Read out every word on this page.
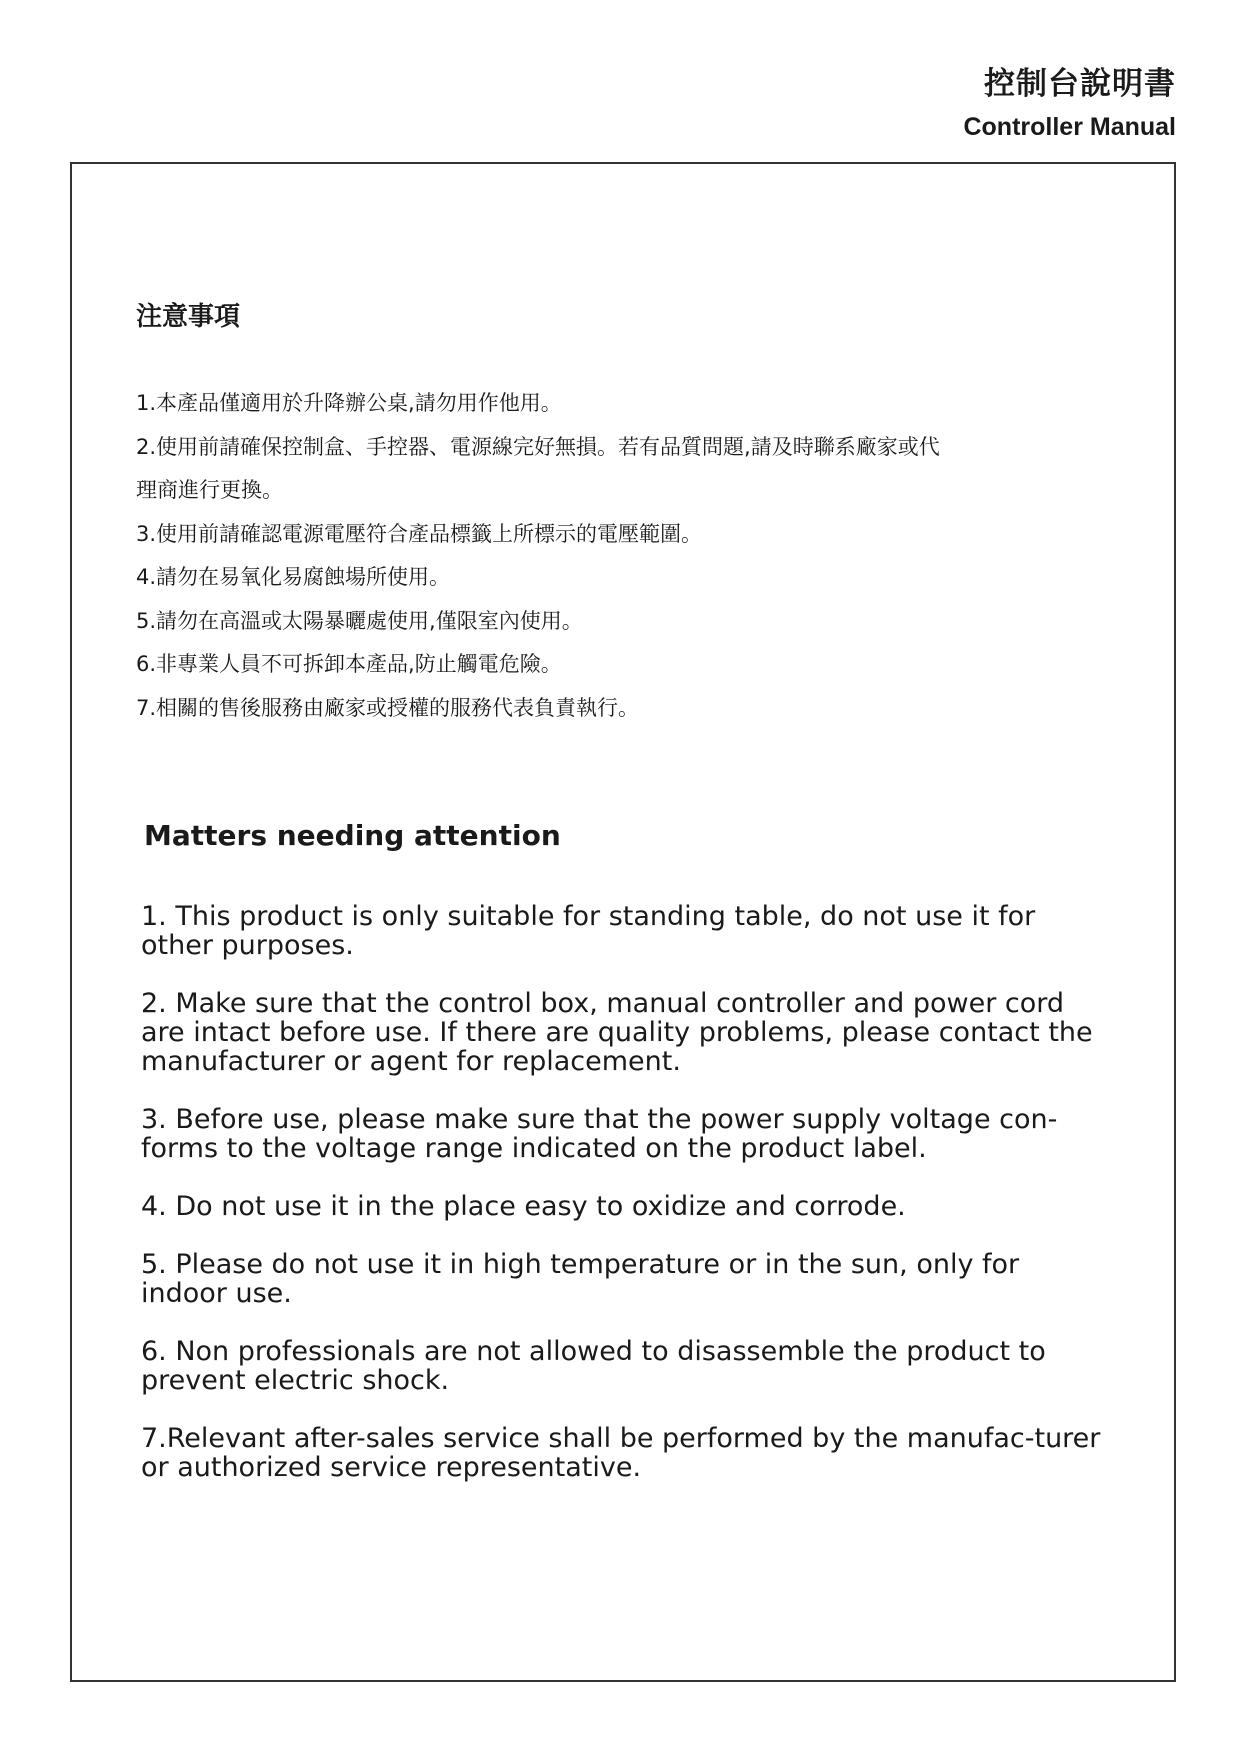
控制台說明書
Controller Manual
注意事項
1.本產品僅適用於升降辦公桌,請勿用作他用。
2.使用前請確保控制盒、手控器、電源線完好無損。若有品質問題,請及時聯系廠家或代
理商進行更換。
3.使用前請確認電源電壓符合產品標籤上所標示的電壓範圍。
4.請勿在易氧化易腐蝕場所使用。
5.請勿在高溫或太陽暴曬處使用,僅限室內使用。
6.非專業人員不可拆卸本產品,防止觸電危險。
7.相關的售後服務由廠家或授權的服務代表負責執行。
Matters needing attention
1. This product is only suitable for standing table, do not use it for other purposes.
2. Make sure that the control box, manual controller and power cord are intact before use. If there are quality problems, please contact the manufacturer or agent for replacement.
3. Before use, please make sure that the power supply voltage con-forms to the voltage range indicated on the product label.
4. Do not use it in the place easy to oxidize and corrode.
5. Please do not use it in high temperature or in the sun, only for indoor use.
6. Non professionals are not allowed to disassemble the product to prevent electric shock.
7.Relevant after-sales service shall be performed by the manufac-turer or authorized service representative.
